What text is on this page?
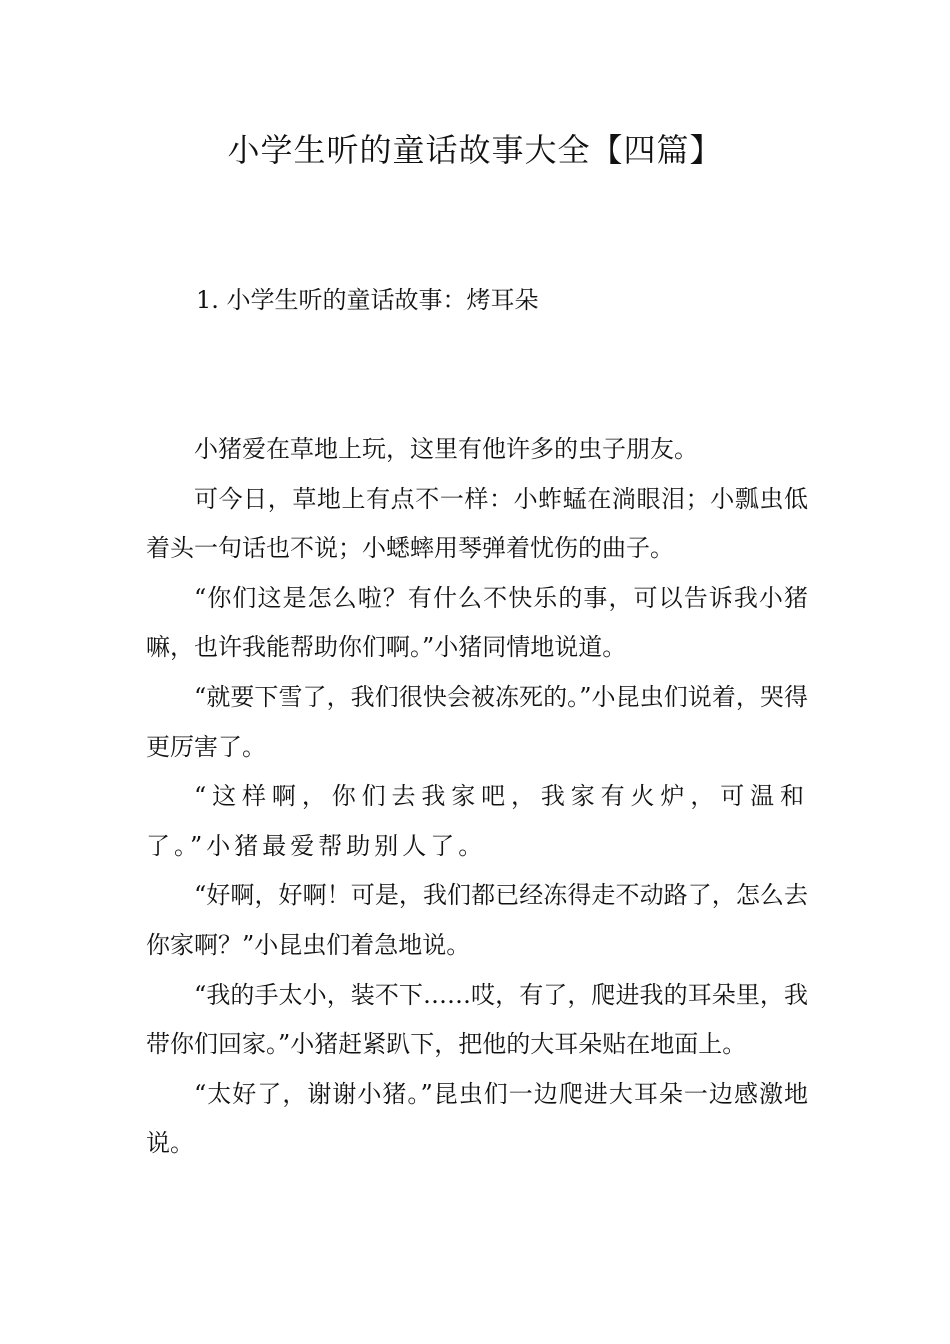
小学生听的童话故事大全【四篇】
1. 小学生听的童话故事：烤耳朵

小猪爱在草地上玩，这里有他许多的虫子朋友。

可今日，草地上有点不一样：小蚱蜢在淌眼泪；小瓢虫低着头一句话也不说；小蟋蟀用琴弹着忧伤的曲子。

“你们这是怎么啦？有什么不快乐的事，可以告诉我小猪嘛，也许我能帮助你们啊。”小猪同情地说道。

“就要下雪了，我们很快会被冻死的。”小昆虫们说着，哭得更厉害了。

“这样啊，你们去我家吧，我家有火炉，可温和了。”小猪最爱帮助别人了。

“好啊，好啊！可是，我们都已经冻得走不动路了，怎么去你家啊？”小昆虫们着急地说。

“我的手太小，装不下……哎，有了，爬进我的耳朵里，我带你们回家。”小猪赶紧趴下，把他的大耳朵贴在地面上。

“太好了，谢谢小猪。”昆虫们一边爬进大耳朵一边感激地说。
